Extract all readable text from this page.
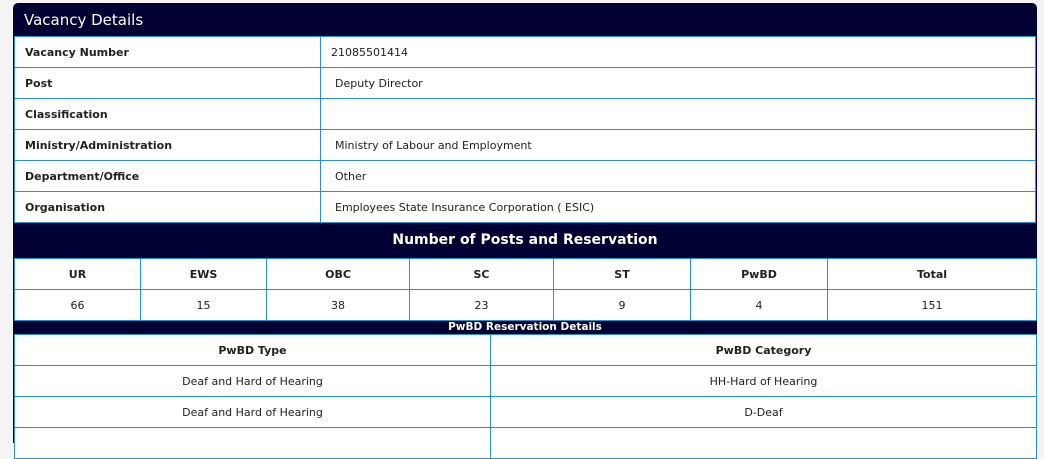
Vacancy Details
Vacancy Number	21085501414
Post	Deputy Director
Classification	
Ministry/Administration	Ministry of Labour and Employment
Department/Office	Other
Organisation	Employees State Insurance Corporation ( ESIC)
Number of Posts and Reservation
UR	EWS	OBC	SC	ST	PwBD	Total
66	15	38	23	9	4	151
PwBD Reservation Details
PwBD Type	PwBD Category
Deaf and Hard of Hearing	HH-Hard of Hearing
Deaf and Hard of Hearing	D-Deaf
